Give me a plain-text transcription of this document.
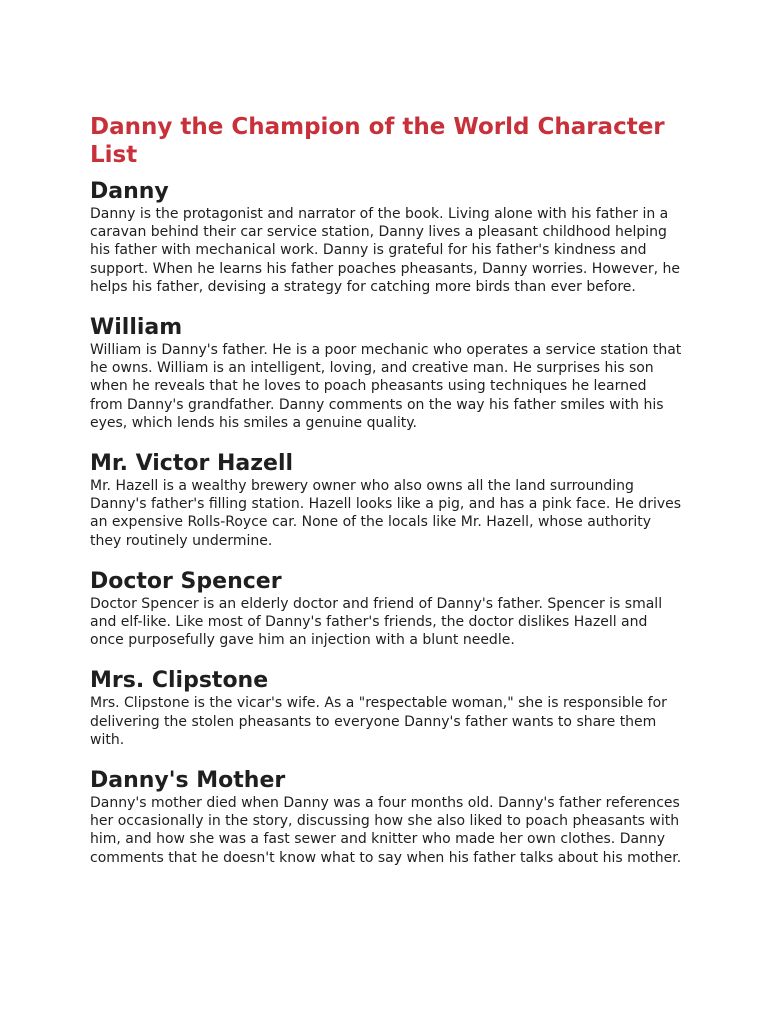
Danny the Champion of the World Character List
Danny

Danny is the protagonist and narrator of the book. Living alone with his father in a caravan behind their car service station, Danny lives a pleasant childhood helping his father with mechanical work. Danny is grateful for his father's kindness and support. When he learns his father poaches pheasants, Danny worries. However, he helps his father, devising a strategy for catching more birds than ever before.

William

William is Danny's father. He is a poor mechanic who operates a service station that he owns. William is an intelligent, loving, and creative man. He surprises his son when he reveals that he loves to poach pheasants using techniques he learned from Danny's grandfather. Danny comments on the way his father smiles with his eyes, which lends his smiles a genuine quality.

Mr. Victor Hazell

Mr. Hazell is a wealthy brewery owner who also owns all the land surrounding Danny's father's filling station. Hazell looks like a pig, and has a pink face. He drives an expensive Rolls-Royce car. None of the locals like Mr. Hazell, whose authority they routinely undermine.

Doctor Spencer

Doctor Spencer is an elderly doctor and friend of Danny's father. Spencer is small and elf-like. Like most of Danny's father's friends, the doctor dislikes Hazell and once purposefully gave him an injection with a blunt needle.

Mrs. Clipstone

Mrs. Clipstone is the vicar's wife. As a "respectable woman," she is responsible for delivering the stolen pheasants to everyone Danny's father wants to share them with.

Danny's Mother

Danny's mother died when Danny was a four months old. Danny's father references her occasionally in the story, discussing how she also liked to poach pheasants with him, and how she was a fast sewer and knitter who made her own clothes. Danny comments that he doesn't know what to say when his father talks about his mother.
